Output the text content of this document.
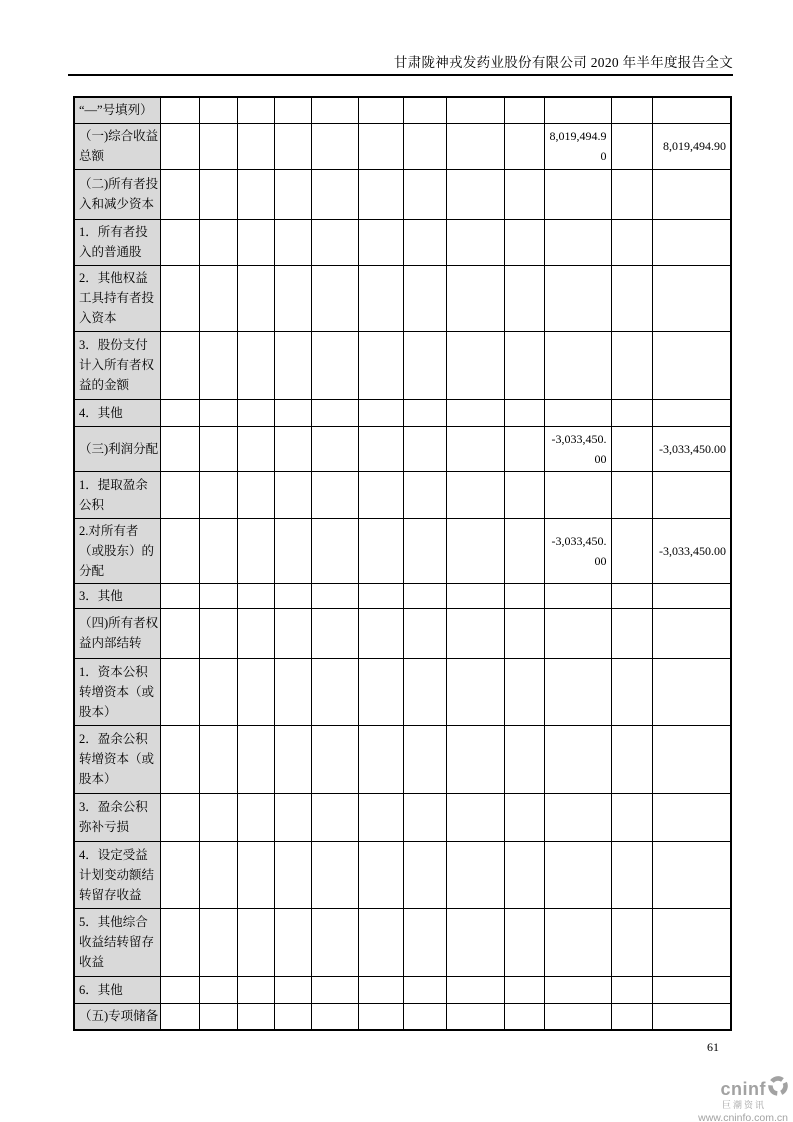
甘肃陇神戎发药业股份有限公司 2020 年半年度报告全文
“—”号填列）												
（一)综合收益总额										8,019,494.90		8,019,494.90
（二)所有者投入和减少资本												
1．所有者投入的普通股												
2．其他权益工具持有者投入资本												
3．股份支付计入所有者权益的金额												
4．其他												
（三)利润分配										-3,033,450.00		-3,033,450.00
1．提取盈余公积												
2.对所有者（或股东）的分配										-3,033,450.00		-3,033,450.00
3．其他												
（四)所有者权益内部结转												
1．资本公积转增资本（或股本）												
2．盈余公积转增资本（或股本）												
3．盈余公积弥补亏损												
4．设定受益计划变动额结转留存收益												
5．其他综合收益结转留存收益												
6．其他												
（五)专项储备												
61
cninf
巨潮资讯
www.cninfo.com.cn
